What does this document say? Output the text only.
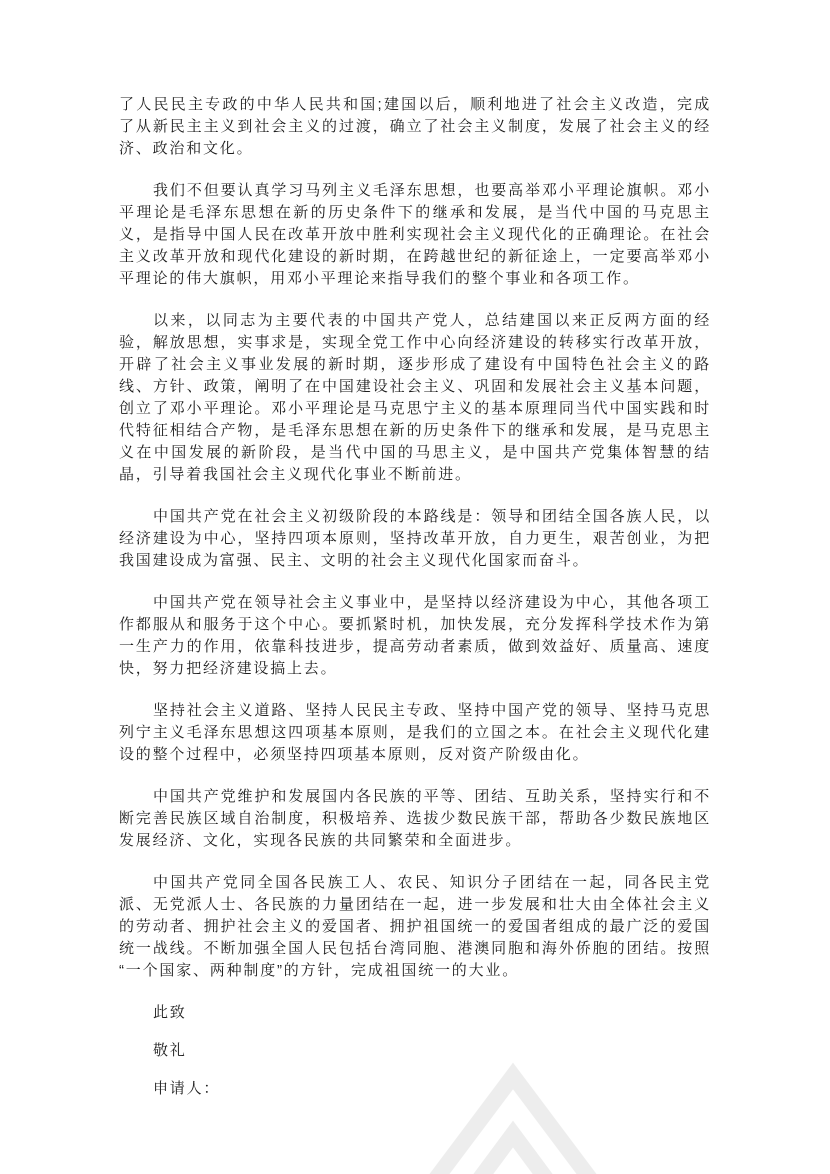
了人民民主专政的中华人民共和国;建国以后，顺利地进了社会主义改造，完成了从新民主主义到社会主义的过渡，确立了社会主义制度，发展了社会主义的经济、政治和文化。

我们不但要认真学习马列主义毛泽东思想，也要高举邓小平理论旗帜。邓小平理论是毛泽东思想在新的历史条件下的继承和发展，是当代中国的马克思主义，是指导中国人民在改革开放中胜利实现社会主义现代化的正确理论。在社会主义改革开放和现代化建设的新时期，在跨越世纪的新征途上，一定要高举邓小平理论的伟大旗帜，用邓小平理论来指导我们的整个事业和各项工作。

以来，以同志为主要代表的中国共产党人，总结建国以来正反两方面的经验，解放思想，实事求是，实现全党工作中心向经济建设的转移实行改革开放，开辟了社会主义事业发展的新时期，逐步形成了建设有中国特色社会主义的路线、方针、政策，阐明了在中国建设社会主义、巩固和发展社会主义基本问题，创立了邓小平理论。邓小平理论是马克思宁主义的基本原理同当代中国实践和时代特征相结合产物，是毛泽东思想在新的历史条件下的继承和发展，是马克思主义在中国发展的新阶段，是当代中国的马思主义，是中国共产党集体智慧的结晶，引导着我国社会主义现代化事业不断前进。

中国共产党在社会主义初级阶段的本路线是：领导和团结全国各族人民，以经济建设为中心，坚持四项本原则，坚持改革开放，自力更生，艰苦创业，为把我国建设成为富强、民主、文明的社会主义现代化国家而奋斗。

中国共产党在领导社会主义事业中，是坚持以经济建设为中心，其他各项工作都服从和服务于这个中心。要抓紧时机，加快发展，充分发挥科学技术作为第一生产力的作用，依靠科技进步，提高劳动者素质，做到效益好、质量高、速度快，努力把经济建设搞上去。

坚持社会主义道路、坚持人民民主专政、坚持中国产党的领导、坚持马克思列宁主义毛泽东思想这四项基本原则，是我们的立国之本。在社会主义现代化建设的整个过程中，必须坚持四项基本原则，反对资产阶级由化。

中国共产党维护和发展国内各民族的平等、团结、互助关系，坚持实行和不断完善民族区域自治制度，积极培养、选拔少数民族干部，帮助各少数民族地区发展经济、文化，实现各民族的共同繁荣和全面进步。

中国共产党同全国各民族工人、农民、知识分子团结在一起，同各民主党派、无党派人士、各民族的力量团结在一起，进一步发展和壮大由全体社会主义的劳动者、拥护社会主义的爱国者、拥护祖国统一的爱国者组成的最广泛的爱国统一战线。不断加强全国人民包括台湾同胞、港澳同胞和海外侨胞的团结。按照“一个国家、两种制度”的方针，完成祖国统一的大业。

此致

敬礼

申请人：
